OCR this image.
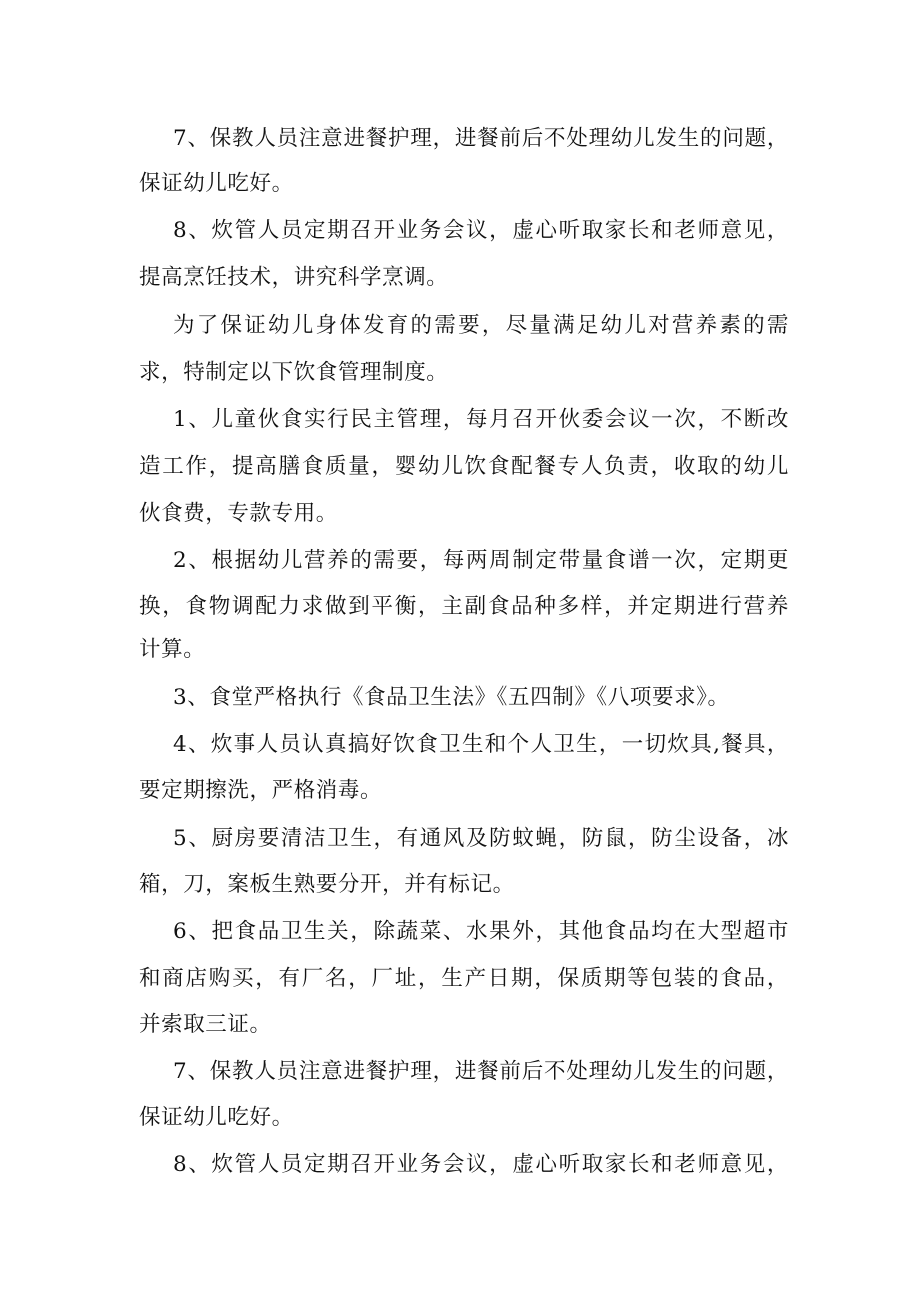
7、保教人员注意进餐护理，进餐前后不处理幼儿发生的问题，
保证幼儿吃好。
8、炊管人员定期召开业务会议，虚心听取家长和老师意见，
提高烹饪技术，讲究科学烹调。
为了保证幼儿身体发育的需要，尽量满足幼儿对营养素的需
求，特制定以下饮食管理制度。
1、儿童伙食实行民主管理，每月召开伙委会议一次，不断改
造工作，提高膳食质量，婴幼儿饮食配餐专人负责，收取的幼儿
伙食费，专款专用。
2、根据幼儿营养的需要，每两周制定带量食谱一次，定期更
换，食物调配力求做到平衡，主副食品种多样，并定期进行营养
计算。
3、食堂严格执行《食品卫生法》《五四制》《八项要求》。
4、炊事人员认真搞好饮食卫生和个人卫生，一切炊具,餐具，
要定期擦洗，严格消毒。
5、厨房要清洁卫生，有通风及防蚊蝇，防鼠，防尘设备，冰
箱，刀，案板生熟要分开，并有标记。
6、把食品卫生关，除蔬菜、水果外，其他食品均在大型超市
和商店购买，有厂名，厂址，生产日期，保质期等包装的食品，
并索取三证。
7、保教人员注意进餐护理，进餐前后不处理幼儿发生的问题，
保证幼儿吃好。
8、炊管人员定期召开业务会议，虚心听取家长和老师意见，
